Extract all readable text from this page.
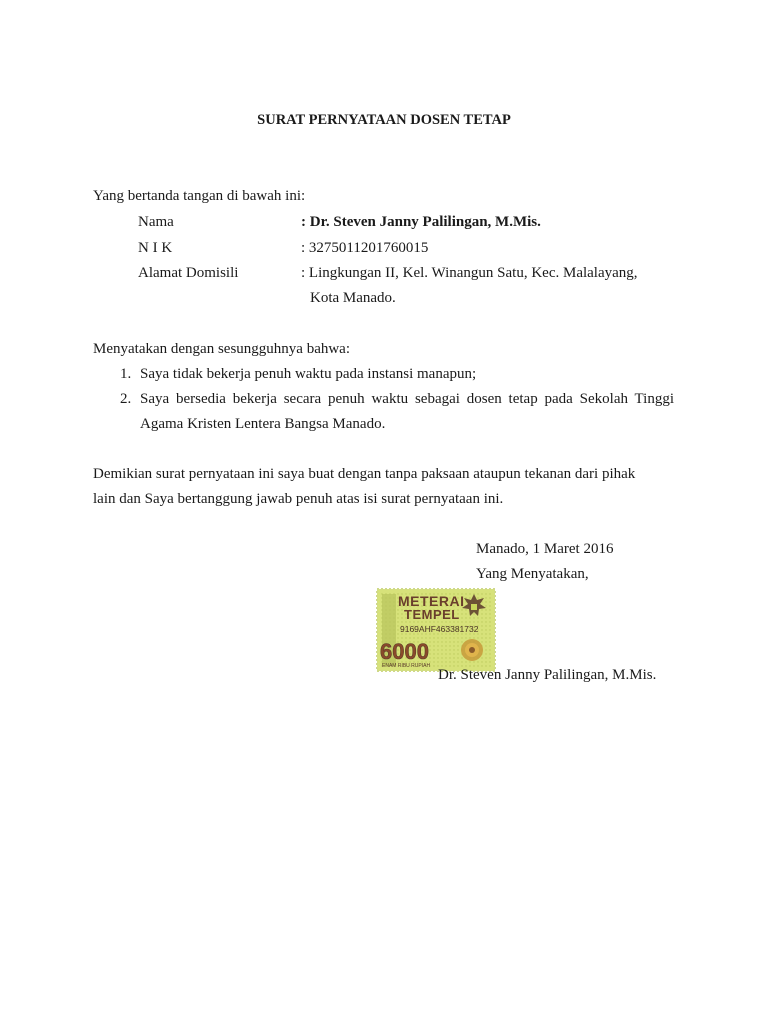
SURAT PERNYATAAN DOSEN TETAP
Yang bertanda tangan di bawah ini:
Nama	: Dr. Steven Janny Palilingan, M.Mis.
N I K	: 3275011201760015
Alamat Domisili	: Lingkungan II, Kel. Winangun Satu, Kec. Malalayang,
Kota Manado.
Menyatakan dengan sesungguhnya bahwa:
1. Saya tidak bekerja penuh waktu pada instansi manapun;
2. Saya bersedia bekerja secara penuh waktu sebagai dosen tetap pada Sekolah Tinggi
Agama Kristen Lentera Bangsa Manado.
Demikian surat pernyataan ini saya buat dengan tanpa paksaan ataupun tekanan dari pihak
lain dan Saya bertanggung jawab penuh atas isi surat pernyataan ini.
Manado, 1 Maret 2016
Yang Menyatakan,
METERAI
TEMPEL
9169AHF463381732
6000
ENAM RIBU RUPIAH
Dr. Steven Janny Palilingan, M.Mis.
